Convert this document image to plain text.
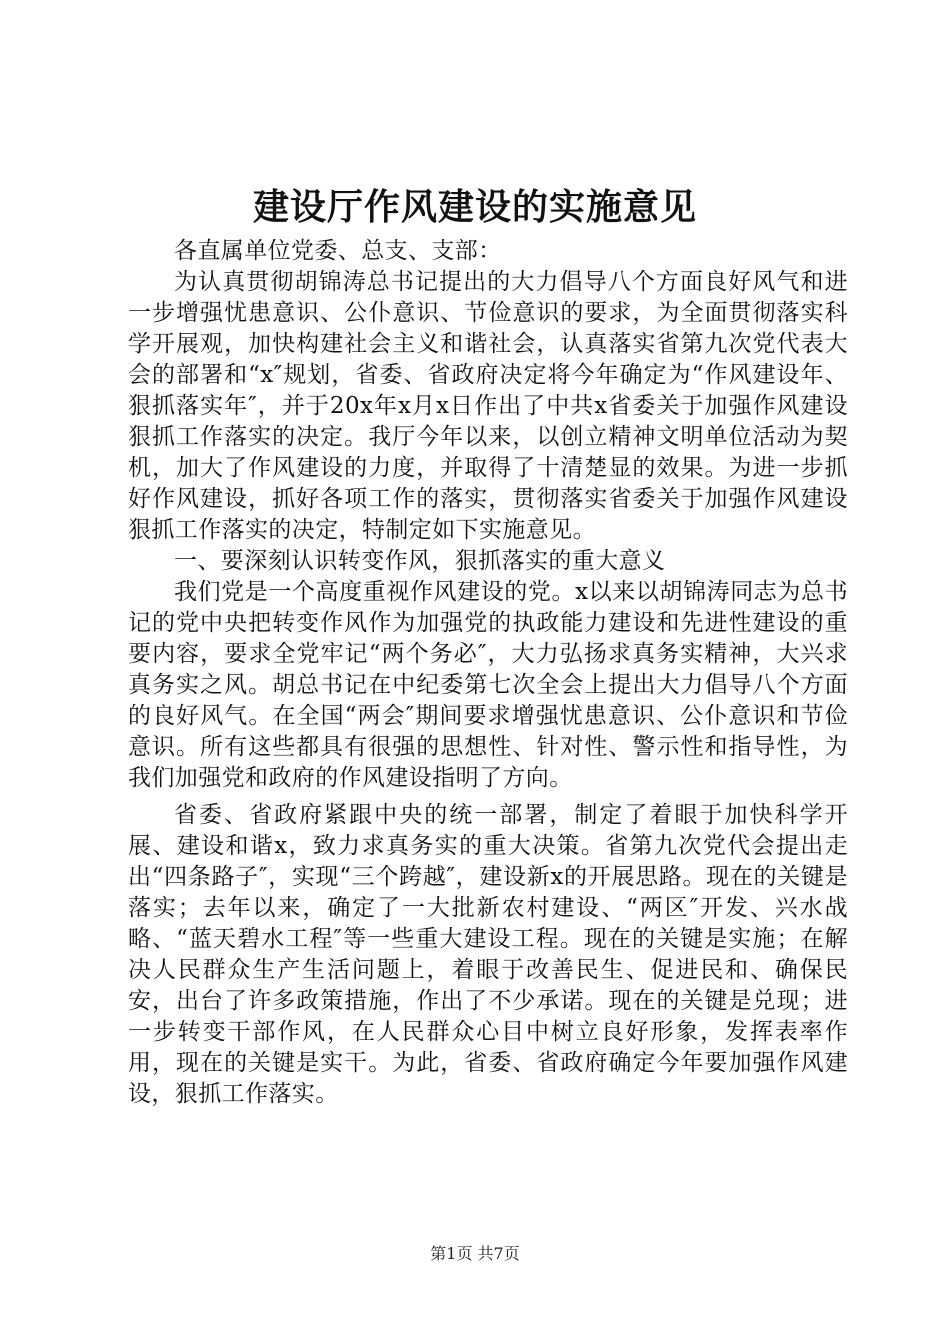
建设厅作风建设的实施意见

各直属单位党委、总支、支部：

为认真贯彻胡锦涛总书记提出的大力倡导八个方面良好风气和进一步增强忧患意识、公仆意识、节俭意识的要求，为全面贯彻落实科学开展观，加快构建社会主义和谐社会，认真落实省第九次党代表大会的部署和“x″规划，省委、省政府决定将今年确定为“作风建设年、狠抓落实年″，并于20x年x月x日作出了中共x省委关于加强作风建设狠抓工作落实的决定。我厅今年以来，以创立精神文明单位活动为契机，加大了作风建设的力度，并取得了十清楚显的效果。为进一步抓好作风建设，抓好各项工作的落实，贯彻落实省委关于加强作风建设狠抓工作落实的决定，特制定如下实施意见。

一、要深刻认识转变作风，狠抓落实的重大意义

我们党是一个高度重视作风建设的党。x以来以胡锦涛同志为总书记的党中央把转变作风作为加强党的执政能力建设和先进性建设的重要内容，要求全党牢记“两个务必″，大力弘扬求真务实精神，大兴求真务实之风。胡总书记在中纪委第七次全会上提出大力倡导八个方面的良好风气。在全国“两会″期间要求增强忧患意识、公仆意识和节俭意识。所有这些都具有很强的思想性、针对性、警示性和指导性，为我们加强党和政府的作风建设指明了方向。

省委、省政府紧跟中央的统一部署，制定了着眼于加快科学开展、建设和谐x，致力求真务实的重大决策。省第九次党代会提出走出“四条路子″，实现“三个跨越″，建设新x的开展思路。现在的关键是落实；去年以来，确定了一大批新农村建设、“两区″开发、兴水战略、“蓝天碧水工程″等一些重大建设工程。现在的关键是实施；在解决人民群众生产生活问题上，着眼于改善民生、促进民和、确保民安，出台了许多政策措施，作出了不少承诺。现在的关键是兑现；进一步转变干部作风，在人民群众心目中树立良好形象，发挥表率作用，现在的关键是实干。为此，省委、省政府确定今年要加强作风建设，狠抓工作落实。

第1页 共7页
